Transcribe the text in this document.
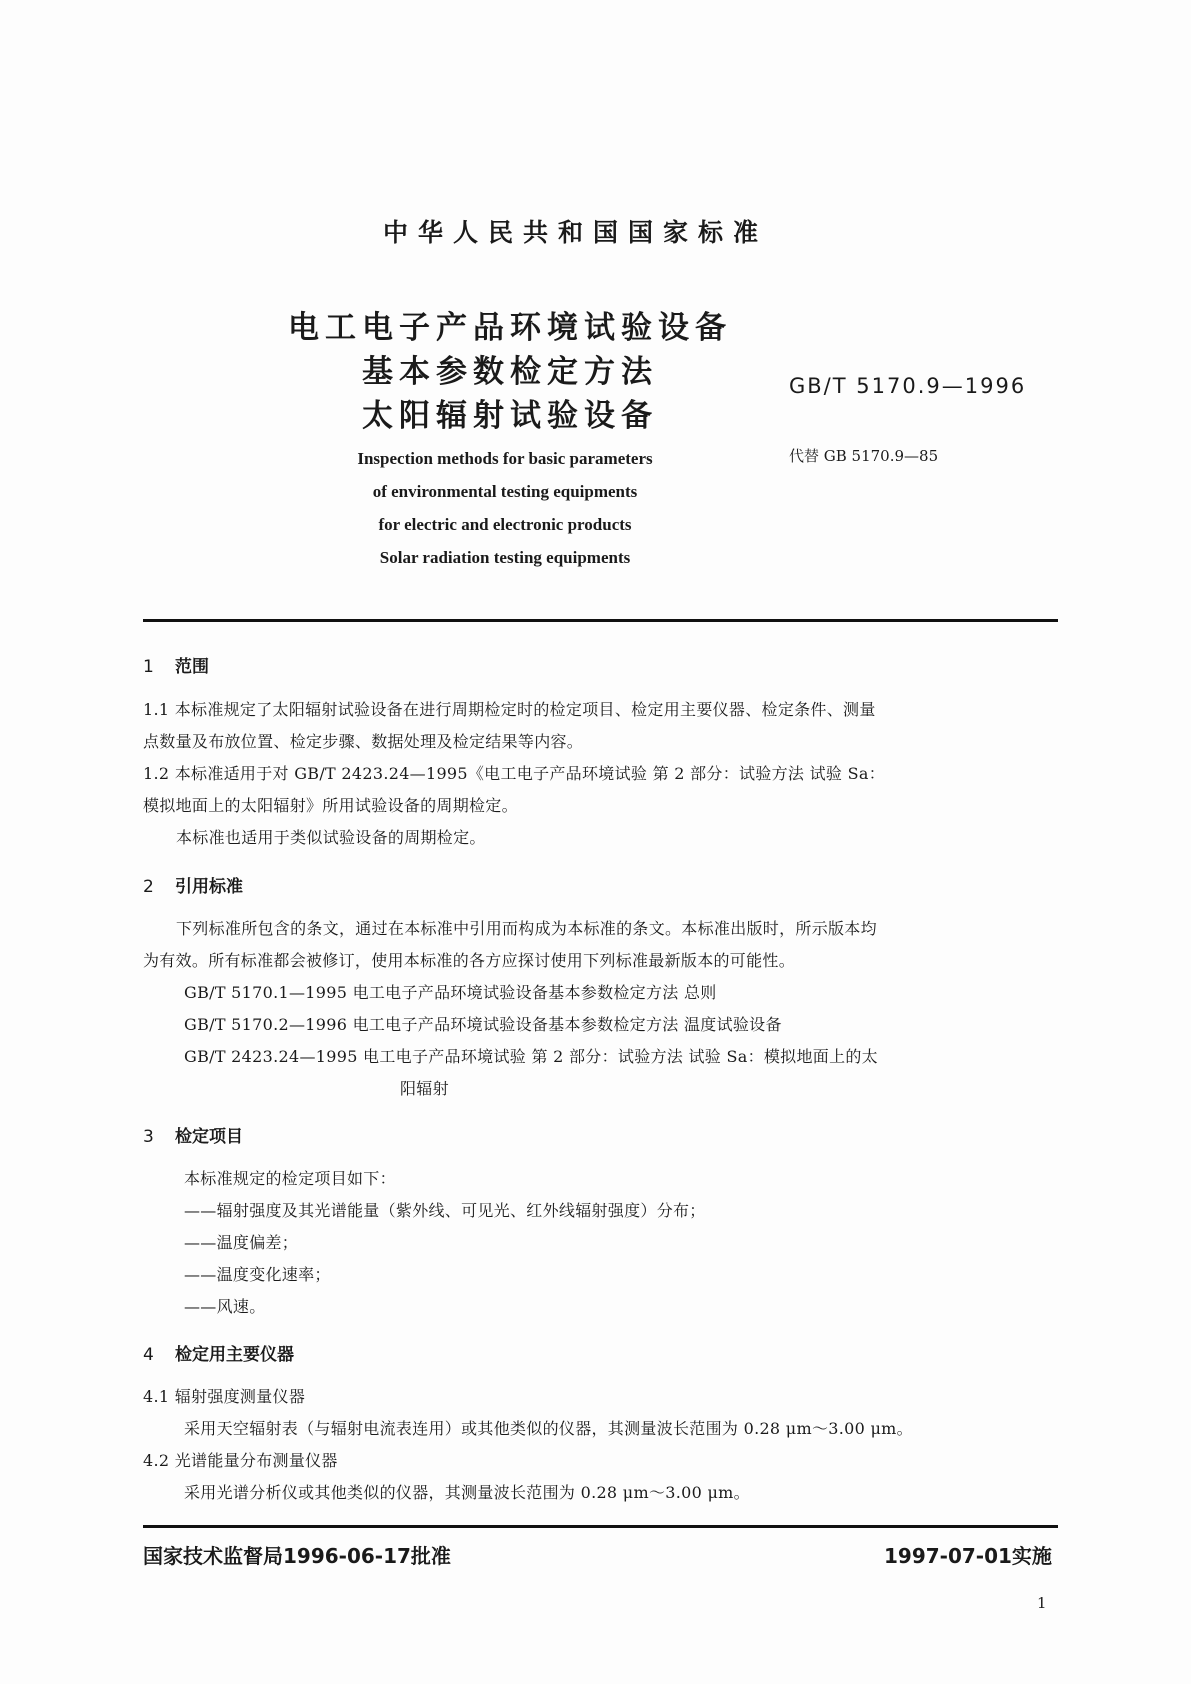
中华人民共和国国家标准
电工电子产品环境试验设备
基本参数检定方法
太阳辐射试验设备
GB/T 5170.9—1996
代替 GB 5170.9—85
Inspection methods for basic parameters
of environmental testing equipments
for electric and electronic products
Solar radiation testing equipments
1 范围
1.1 本标准规定了太阳辐射试验设备在进行周期检定时的检定项目、检定用主要仪器、检定条件、测量
点数量及布放位置、检定步骤、数据处理及检定结果等内容。
1.2 本标准适用于对 GB/T 2423.24—1995《电工电子产品环境试验 第 2 部分：试验方法 试验 Sa：
模拟地面上的太阳辐射》所用试验设备的周期检定。
本标准也适用于类似试验设备的周期检定。
2 引用标准
下列标准所包含的条文，通过在本标准中引用而构成为本标准的条文。本标准出版时，所示版本均
为有效。所有标准都会被修订，使用本标准的各方应探讨使用下列标准最新版本的可能性。
GB/T 5170.1—1995 电工电子产品环境试验设备基本参数检定方法 总则
GB/T 5170.2—1996 电工电子产品环境试验设备基本参数检定方法 温度试验设备
GB/T 2423.24—1995 电工电子产品环境试验 第 2 部分：试验方法 试验 Sa：模拟地面上的太
阳辐射
3 检定项目
本标准规定的检定项目如下：
——辐射强度及其光谱能量（紫外线、可见光、红外线辐射强度）分布；
——温度偏差；
——温度变化速率；
——风速。
4 检定用主要仪器
4.1 辐射强度测量仪器
采用天空辐射表（与辐射电流表连用）或其他类似的仪器，其测量波长范围为 0.28 μm～3.00 μm。
4.2 光谱能量分布测量仪器
采用光谱分析仪或其他类似的仪器，其测量波长范围为 0.28 μm～3.00 μm。
国家技术监督局1996-06-17批准	1997-07-01实施
1
